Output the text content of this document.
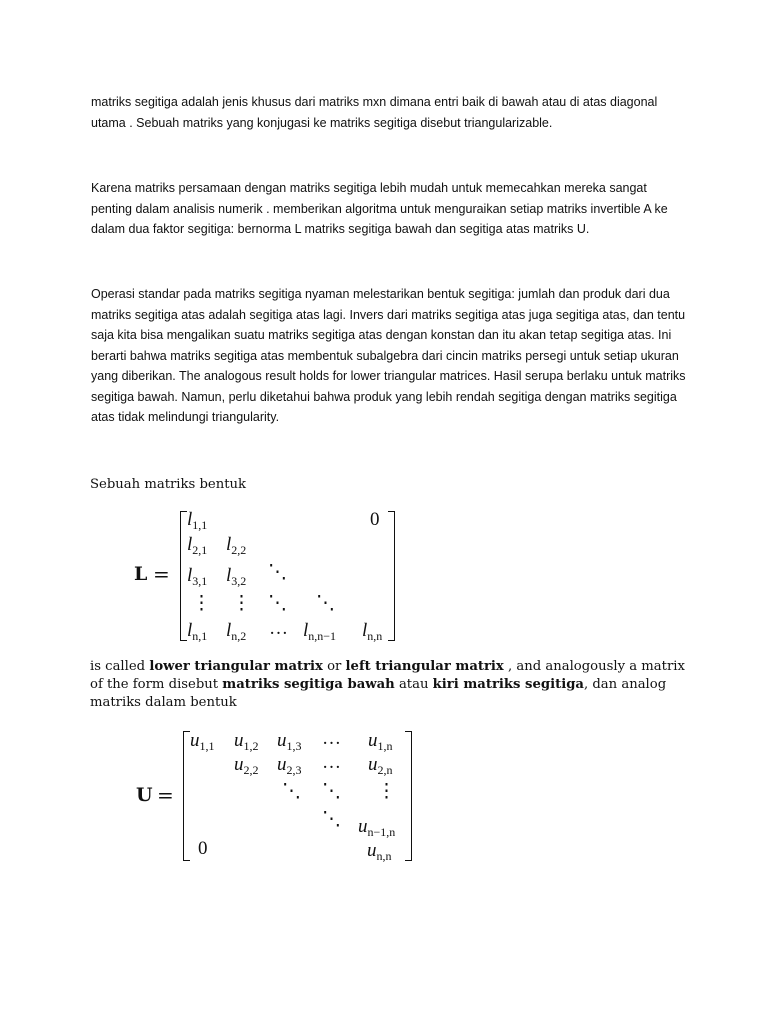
matriks segitiga adalah jenis khusus dari matriks mxn dimana entri baik di bawah atau di atas diagonal utama . Sebuah matriks yang konjugasi ke matriks segitiga disebut triangularizable.

Karena matriks persamaan dengan matriks segitiga lebih mudah untuk memecahkan mereka sangat penting dalam analisis numerik . memberikan algoritma untuk menguraikan setiap matriks invertible A ke dalam dua faktor segitiga: bernorma L matriks segitiga bawah dan segitiga atas matriks U.

Operasi standar pada matriks segitiga nyaman melestarikan bentuk segitiga: jumlah dan produk dari dua matriks segitiga atas adalah segitiga atas lagi. Invers dari matriks segitiga atas juga segitiga atas, dan tentu saja kita bisa mengalikan suatu matriks segitiga atas dengan konstan dan itu akan tetap segitiga atas. Ini berarti bahwa matriks segitiga atas membentuk subalgebra dari cincin matriks persegi untuk setiap ukuran yang diberikan. The analogous result holds for lower triangular matrices. Hasil serupa berlaku untuk matriks segitiga bawah. Namun, perlu diketahui bahwa produk yang lebih rendah segitiga dengan matriks segitiga atas tidak melindungi triangularity.

Sebuah matriks bentuk

L =
$l_{1,1}$	0
$l_{2,1}$ $l_{2,2}$
$l_{3,1}$ $l_{3,2}$ ⋱
⋮ ⋮ ⋱ ⋱
$l_{n,1}$ $l_{n,2}$ … $l_{n,n-1}$ $l_{n,n}$

is called lower triangular matrix or left triangular matrix , and analogously a matrix of the form disebut matriks segitiga bawah atau kiri matriks segitiga, dan analog matriks dalam bentuk

U =
$u_{1,1}$ $u_{1,2}$ $u_{1,3}$ … $u_{1,n}$
$u_{2,2}$ $u_{2,3}$ … $u_{2,n}$
⋱ ⋱ ⋮
⋱ $u_{n-1,n}$
0	$u_{n,n}$
